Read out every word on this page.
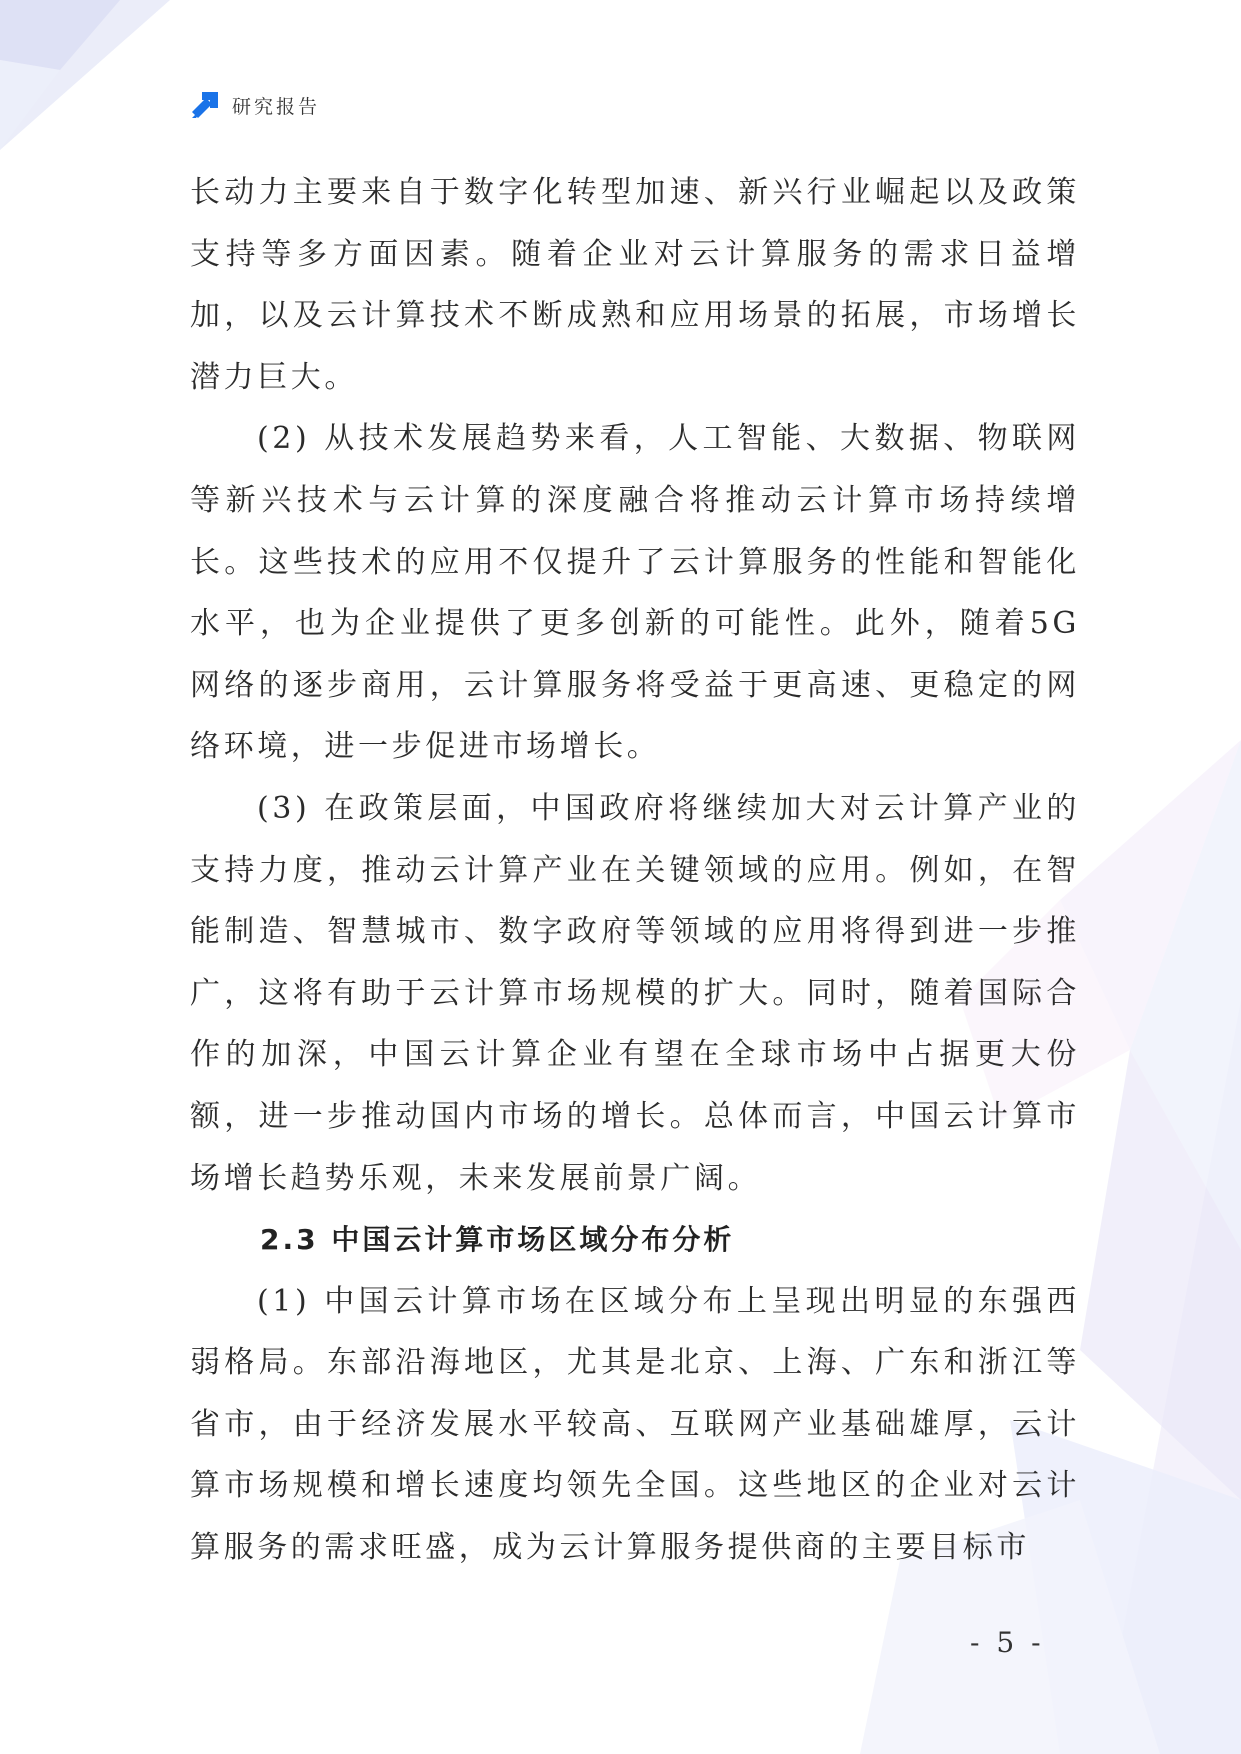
研究报告

长动力主要来自于数字化转型加速、新兴行业崛起以及政策支持等多方面因素。随着企业对云计算服务的需求日益增加，以及云计算技术不断成熟和应用场景的拓展，市场增长潜力巨大。

(2) 从技术发展趋势来看，人工智能、大数据、物联网等新兴技术与云计算的深度融合将推动云计算市场持续增长。这些技术的应用不仅提升了云计算服务的性能和智能化水平，也为企业提供了更多创新的可能性。此外，随着5G网络的逐步商用，云计算服务将受益于更高速、更稳定的网络环境，进一步促进市场增长。

(3) 在政策层面，中国政府将继续加大对云计算产业的支持力度，推动云计算产业在关键领域的应用。例如，在智能制造、智慧城市、数字政府等领域的应用将得到进一步推广，这将有助于云计算市场规模的扩大。同时，随着国际合作的加深，中国云计算企业有望在全球市场中占据更大份额，进一步推动国内市场的增长。总体而言，中国云计算市场增长趋势乐观，未来发展前景广阔。

2.3 中国云计算市场区域分布分析

(1) 中国云计算市场在区域分布上呈现出明显的东强西弱格局。东部沿海地区，尤其是北京、上海、广东和浙江等省市，由于经济发展水平较高、互联网产业基础雄厚，云计算市场规模和增长速度均领先全国。这些地区的企业对云计算服务的需求旺盛，成为云计算服务提供商的主要目标市

- 5 -
